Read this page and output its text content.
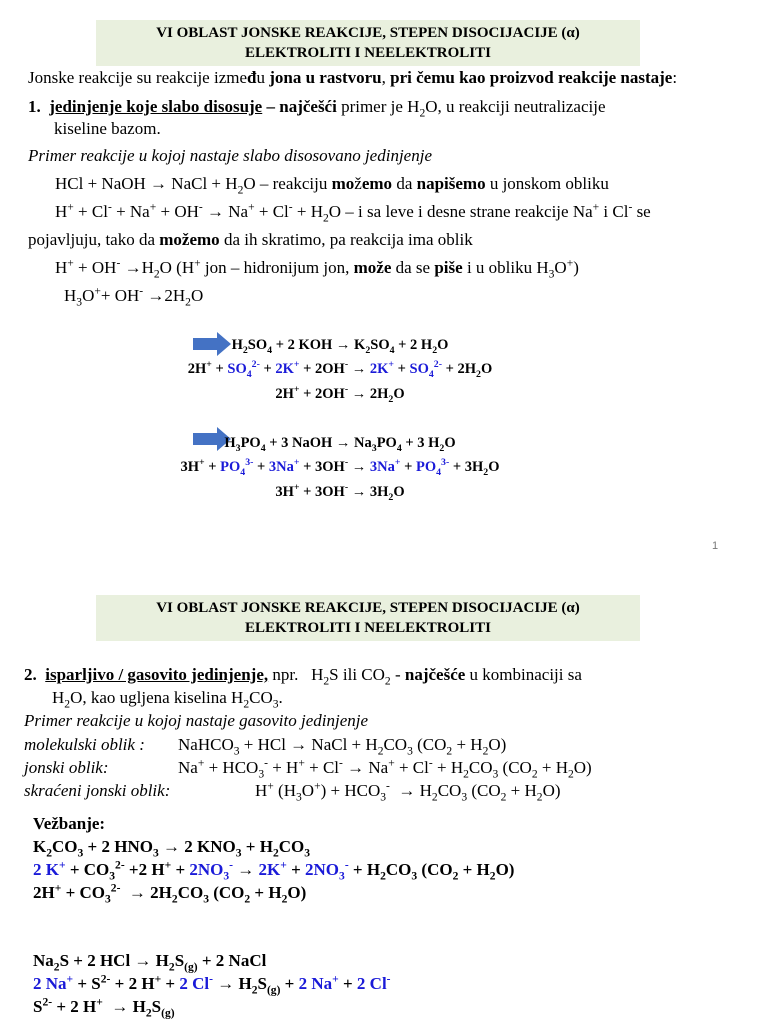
VI OBLAST JONSKE REAKCIJE, STEPEN DISOCIJACIJE (α)
ELEKTROLITI I NEELEKTROLITI
Jonske reakcije su reakcije između jona u rastvoru, pri čemu kao proizvod reakcije nastaje:
1. jedinjenje koje slabo disosuje – najčešći primer je $H_2O$, u reakciji neutralizacije
kiseline bazom.
Primer reakcije u kojoj nastaje slabo disosovano jedinjenje
HCl + NaOH → NaCl + $H_2O$ – reakciju možemo da napišemo u jonskom obliku
$H^+ + Cl^- + Na^+ + OH^- \to Na^+ + Cl^- + H_2O - i$ sa leve i desne strane reakcije Na+ i Cl- se
pojavljuju, tako da možemo da ih skratimo, pa reakcija ima oblik
$H^+ + OH^- \to H_2O$ (H+ jon – hidronijum jon, može da se piše i u obliku $H_3O^+$)
$H_3O^++ OH^- \to 2H_2O$
$H_2SO_4 + 2$ KOH → $K_2SO_4 + 2$ $H_2O$
$2H^+ + SO_4^{2-} + 2K^+ + 2OH^- \to 2K^+ + SO_4^{2-} + 2H_2O$
$2H^+ + 2OH^- \to 2H_2O$
$H_3PO_4 + 3$ NaOH → $Na_3PO_4 + 3$ $H_2O$
$3H^+ + PO_4^{3-} + 3Na^+ + 3OH^- \to 3Na^+ + PO_4^{3-} + 3H_2O$
$3H^+ + 3OH^- \to 3H_2O$
1
VI OBLAST JONSKE REAKCIJE, STEPEN DISOCIJACIJE (α)
ELEKTROLITI I NEELEKTROLITI
2. isparljivo / gasovito jedinjenje, npr.   $H_2S$ ili $CO_2$ - najčešće u kombinaciji sa
$H_2O$, kao ugljena kiselina $H_2CO_3$.
Primer reakcije u kojoj nastaje gasovito jedinjenje
molekulski oblik : NaHCO$_3$ + HCl → NaCl + $H_2CO_3$ $(CO_2 + H_2O)$
jonski oblik:	$Na^+ + HCO_3^- + H^+ + Cl^- \to Na^+ + Cl^- + H_2CO_3$ $(CO_2 + H_2O)$
skraćeni jonski oblik:	H+ $(H_3O^+) + HCO_3^- \to H_2CO_3$ $(CO_2 + H_2O)$
Vežbanje:
$K_2CO_3 + 2$ $HNO_3 \to 2$ $KNO_3 + H_2CO_3$
2 $K^+ + CO_3^{2-} +2$ $H^+ + 2NO_3^- \to 2K^+ + 2NO_3^- + H_2CO_3$ $(CO_2 + H_2O)$
$2H^+ + CO_3^{2-} \to 2H_2CO_3$ $(CO_2 + H_2O)$
$Na_2S + 2$ HCl → $H_2S_{(g)} + 2$ NaCl
2 $Na^+ + S^{2-} + 2$ H+ + 2 $Cl^- \to H_2S_{(g)} + 2$ Na+ + 2 Cl-
$S^{2-} + 2$ $H^+ \to H_2S_{(g)}$
